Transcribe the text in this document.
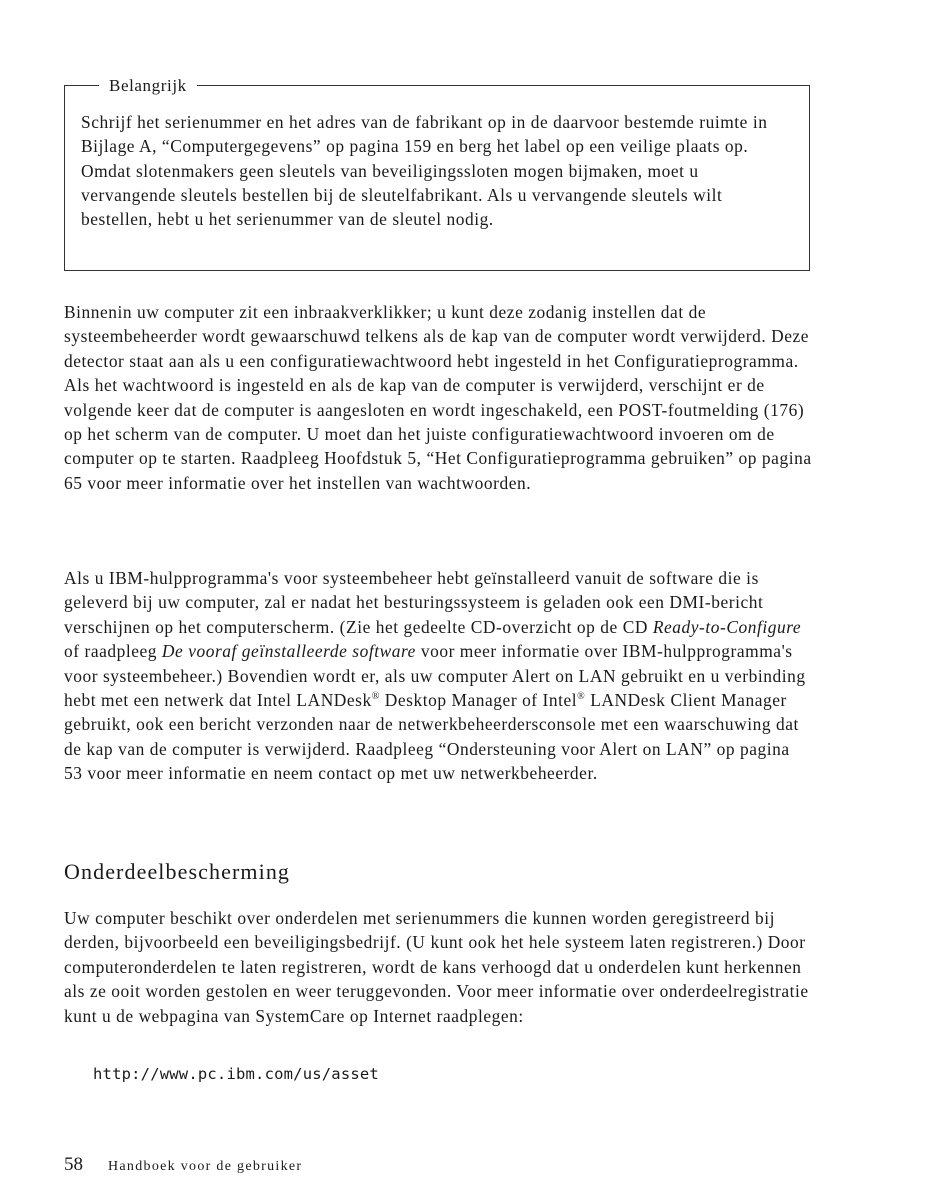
Belangrijk

Schrijf het serienummer en het adres van de fabrikant op in de daarvoor bestemde ruimte in Bijlage A, “Computergegevens” op pagina 159 en berg het label op een veilige plaats op. Omdat slotenmakers geen sleutels van beveiligingssloten mogen bijmaken, moet u vervangende sleutels bestellen bij de sleutelfabrikant. Als u vervangende sleutels wilt bestellen, hebt u het serienummer van de sleutel nodig.

Binnenin uw computer zit een inbraakverklikker; u kunt deze zodanig instellen dat de systeembeheerder wordt gewaarschuwd telkens als de kap van de computer wordt verwijderd. Deze detector staat aan als u een configuratiewachtwoord hebt ingesteld in het Configuratieprogramma. Als het wachtwoord is ingesteld en als de kap van de computer is verwijderd, verschijnt er de volgende keer dat de computer is aangesloten en wordt ingeschakeld, een POST-foutmelding (176) op het scherm van de computer. U moet dan het juiste configuratiewachtwoord invoeren om de computer op te starten. Raadpleeg Hoofdstuk 5, “Het Configuratieprogramma gebruiken” op pagina 65 voor meer informatie over het instellen van wachtwoorden.

Als u IBM-hulpprogramma's voor systeembeheer hebt geïnstalleerd vanuit de software die is geleverd bij uw computer, zal er nadat het besturingssysteem is geladen ook een DMI-bericht verschijnen op het computerscherm. (Zie het gedeelte CD-overzicht op de CD Ready-to-Configure of raadpleeg De vooraf geïnstalleerde software voor meer informatie over IBM-hulpprogramma's voor systeembeheer.) Bovendien wordt er, als uw computer Alert on LAN gebruikt en u verbinding hebt met een netwerk dat Intel LANDesk® Desktop Manager of Intel® LANDesk Client Manager gebruikt, ook een bericht verzonden naar de netwerkbeheerdersconsole met een waarschuwing dat de kap van de computer is verwijderd. Raadpleeg “Ondersteuning voor Alert on LAN” op pagina 53 voor meer informatie en neem contact op met uw netwerkbeheerder.

Onderdeelbescherming

Uw computer beschikt over onderdelen met serienummers die kunnen worden geregistreerd bij derden, bijvoorbeeld een beveiligingsbedrijf. (U kunt ook het hele systeem laten registreren.) Door computeronderdelen te laten registreren, wordt de kans verhoogd dat u onderdelen kunt herkennen als ze ooit worden gestolen en weer teruggevonden. Voor meer informatie over onderdeelregistratie kunt u de webpagina van SystemCare op Internet raadplegen:

http://www.pc.ibm.com/us/asset
58 Handboek voor de gebruiker
